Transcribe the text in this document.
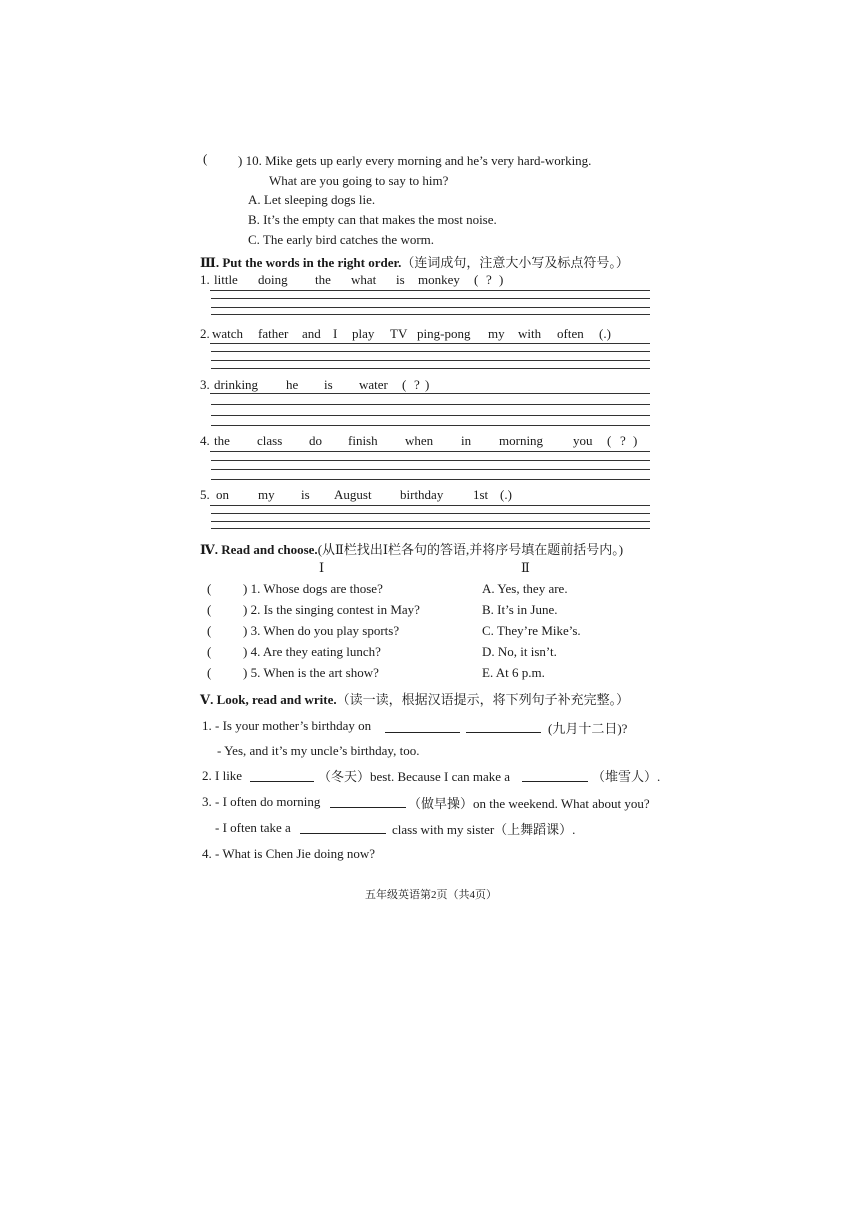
( ) 10. Mike gets up early every morning and he’s very hard-working.
What are you going to say to him?
A. Let sleeping dogs lie.
B. It’s the empty can that makes the most noise.
C. The early bird catches the worm.
Ⅲ. Put the words in the right order.（连词成句，注意大小写及标点符号。）
1. little doing the what is monkey ( ? )
2. watch father and I play TV ping-pong my with often (.)
3. drinking he is water ( ? )
4. the class do finish when in morning you ( ? )
5. on my is August birthday 1st (.)
Ⅳ. Read and choose.(从Ⅱ栏找出Ⅰ栏各句的答语,并将序号填在题前括号内。)
Ⅰ	Ⅱ
( ) 1. Whose dogs are those?	A. Yes, they are.
( ) 2. Is the singing contest in May?	B. It’s in June.
( ) 3. When do you play sports?	C. They’re Mike’s.
( ) 4. Are they eating lunch?	D. No, it isn’t.
( ) 5. When is the art show?	E. At 6 p.m.
Ⅴ. Look, read and write.（读一读，根据汉语提示，将下列句子补充完整。）
1. - Is your mother’s birthday on	(九月十二日)?
- Yes, and it’s my uncle’s birthday, too.
2. I like	（冬天）best. Because I can make a	（堆雪人）.
3. - I often do morning	（做早操）on the weekend. What about you?
- I often take a	class with my sister（上舞蹈课）.
4. - What is Chen Jie doing now?
五年级英语第2页（共4页）
